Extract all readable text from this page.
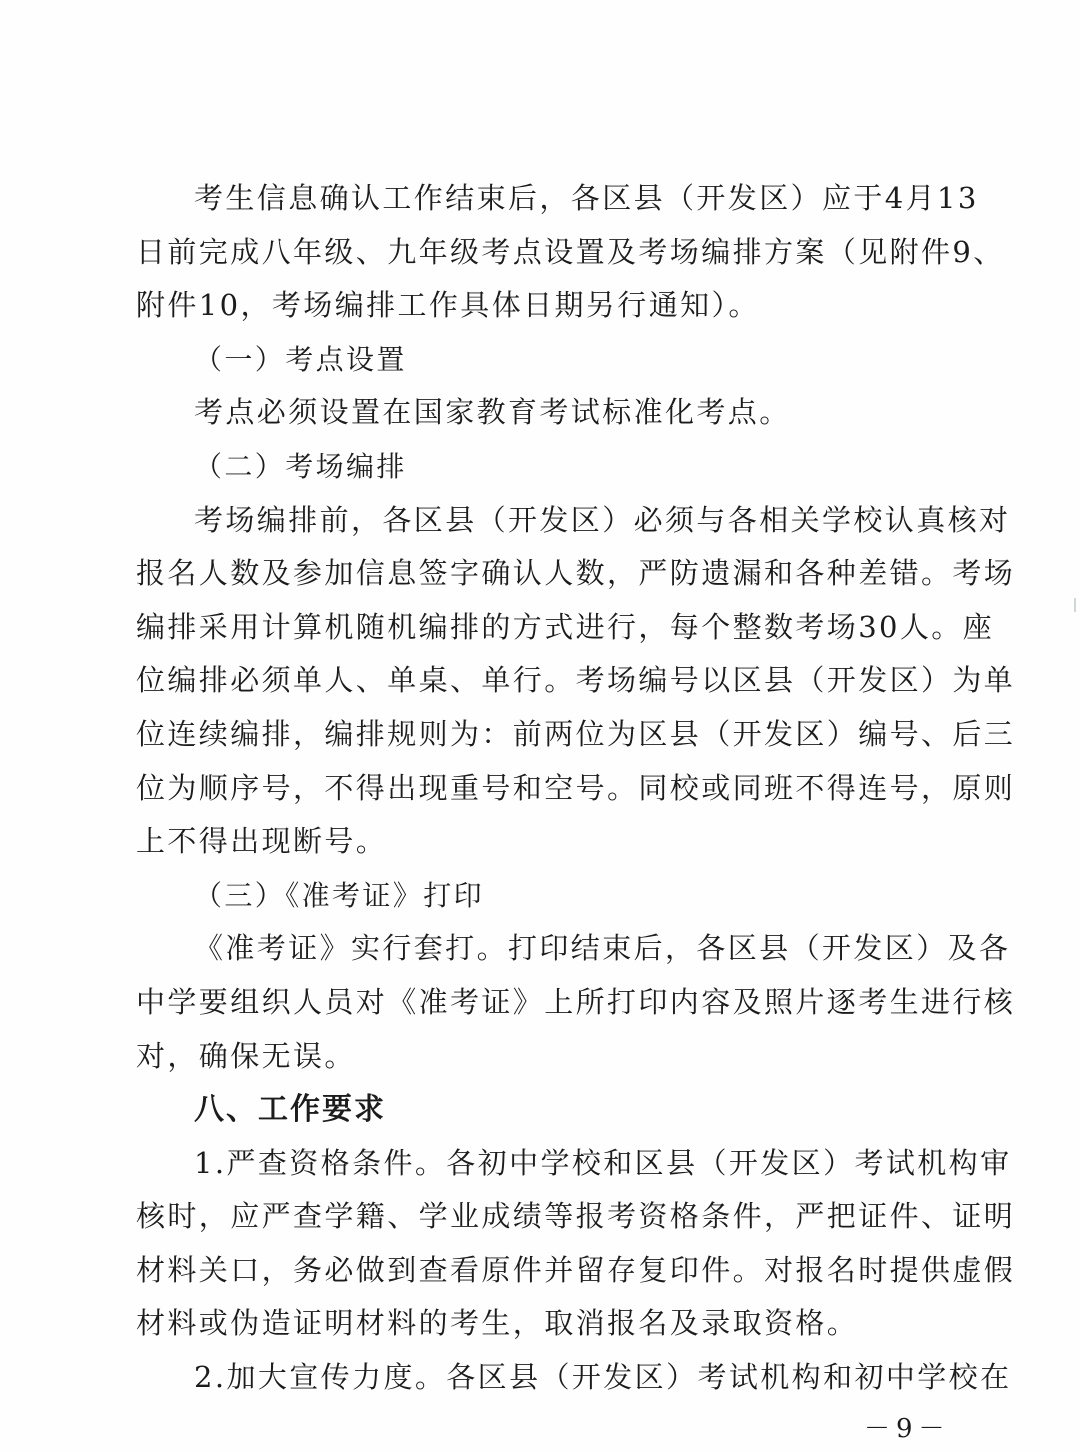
考生信息确认工作结束后，各区县（开发区）应于4月13
日前完成八年级、九年级考点设置及考场编排方案（见附件9、
附件10，考场编排工作具体日期另行通知）。
（一）考点设置
考点必须设置在国家教育考试标准化考点。
（二）考场编排
考场编排前，各区县（开发区）必须与各相关学校认真核对
报名人数及参加信息签字确认人数，严防遗漏和各种差错。考场
编排采用计算机随机编排的方式进行，每个整数考场30人。座
位编排必须单人、单桌、单行。考场编号以区县（开发区）为单
位连续编排，编排规则为：前两位为区县（开发区）编号、后三
位为顺序号，不得出现重号和空号。同校或同班不得连号，原则
上不得出现断号。
（三）《准考证》打印
《准考证》实行套打。打印结束后，各区县（开发区）及各
中学要组织人员对《准考证》上所打印内容及照片逐考生进行核
对，确保无误。
八、工作要求
1.严查资格条件。各初中学校和区县（开发区）考试机构审
核时，应严查学籍、学业成绩等报考资格条件，严把证件、证明
材料关口，务必做到查看原件并留存复印件。对报名时提供虚假
材料或伪造证明材料的考生，取消报名及录取资格。
2.加大宣传力度。各区县（开发区）考试机构和初中学校在
－9－
